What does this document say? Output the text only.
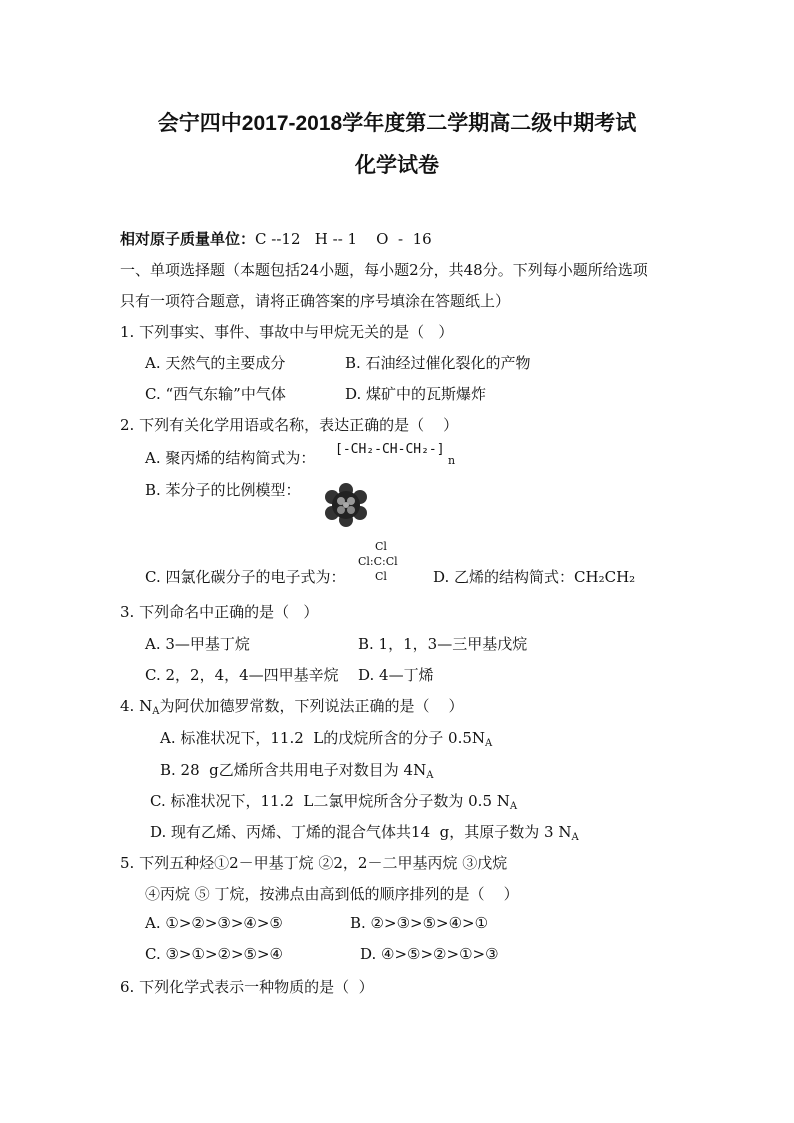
会宁四中2017-2018学年度第二学期高二级中期考试
化学试卷
相对原子质量单位：C --12   H -- 1    O  -  16
一、单项选择题（本题包括24小题，每小题2分，共48分。下列每小题所给选项
只有一项符合题意，请将正确答案的序号填涂在答题纸上）
1. 下列事实、事件、事故中与甲烷无关的是（   ）
A. 天然气的主要成分	B. 石油经过催化裂化的产物
C. “西气东输”中气体	D. 煤矿中的瓦斯爆炸
2. 下列有关化学用语或名称，表达正确的是（    ）
A. 聚丙烯的结构简式为： [-CH₂-CH-CH₂-]
n
B. 苯分子的比例模型：
Cl
Cl:C:Cl
Cl
C. 四氯化碳分子的电子式为：	D. 乙烯的结构简式：CH₂CH₂
3. 下列命名中正确的是（   ）
A. 3—甲基丁烷	B. 1，1，3—三甲基戊烷
C. 2，2，4，4—四甲基辛烷 D. 4—丁烯
4. $N_A$为阿伏加德罗常数，下列说法正确的是（    ）
A. 标准状况下，11.2  L的戊烷所含的分子 $0.5N_A$
B. 28  g乙烯所含共用电子对数目为 $4N_A$
C. 标准状况下，11.2  L二氯甲烷所含分子数为 0.5 $N_A$
D. 现有乙烯、丙烯、丁烯的混合气体共14  g，其原子数为 3 $N_A$
5. 下列五种烃①2－甲基丁烷 ②2，2－二甲基丙烷 ③戊烷
④丙烷 ⑤ 丁烷，按沸点由高到低的顺序排列的是（    ）
A. ①>②>③>④>⑤	B. ②>③>⑤>④>①
C. ③>①>②>⑤>④	D. ④>⑤>②>①>③
6. 下列化学式表示一种物质的是（  ）
